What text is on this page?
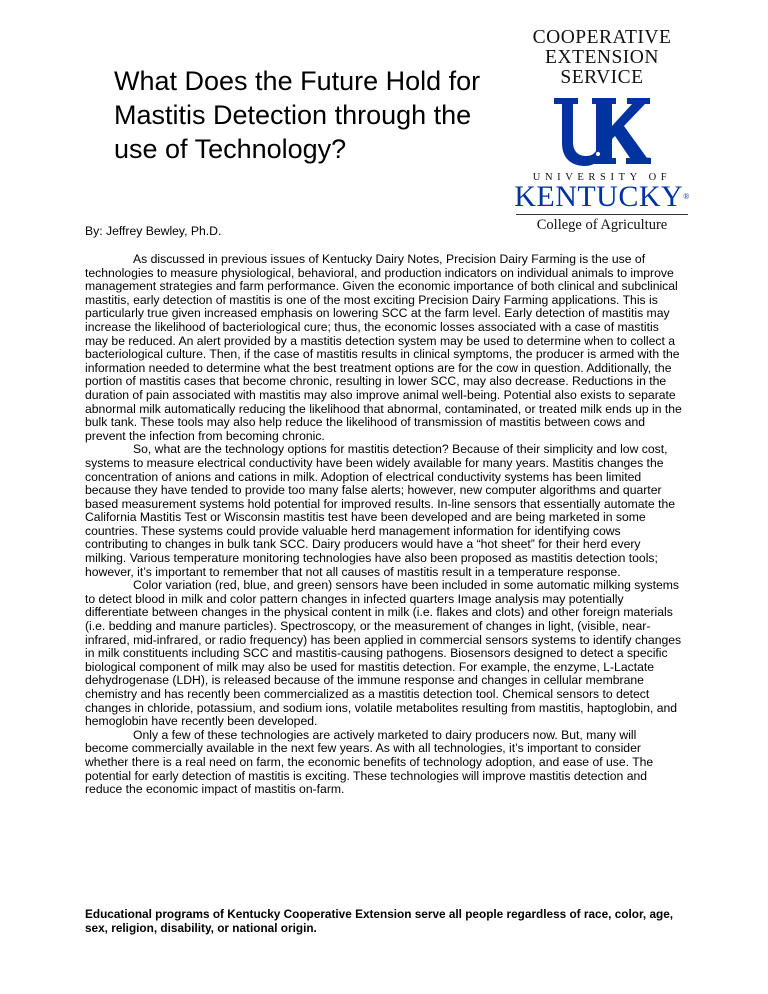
What Does the Future Hold for Mastitis Detection through the use of Technology?
COOPERATIVE
EXTENSION
SERVICE
®
UNIVERSITY OF
KENTUCKY®
College of Agriculture
By: Jeffrey Bewley, Ph.D.

As discussed in previous issues of Kentucky Dairy Notes, Precision Dairy Farming is the use of technologies to measure physiological, behavioral, and production indicators on individual animals to improve management strategies and farm performance. Given the economic importance of both clinical and subclinical mastitis, early detection of mastitis is one of the most exciting Precision Dairy Farming applications. This is particularly true given increased emphasis on lowering SCC at the farm level. Early detection of mastitis may increase the likelihood of bacteriological cure; thus, the economic losses associated with a case of mastitis may be reduced. An alert provided by a mastitis detection system may be used to determine when to collect a bacteriological culture. Then, if the case of mastitis results in clinical symptoms, the producer is armed with the information needed to determine what the best treatment options are for the cow in question. Additionally, the portion of mastitis cases that become chronic, resulting in lower SCC, may also decrease. Reductions in the duration of pain associated with mastitis may also improve animal well-being. Potential also exists to separate abnormal milk automatically reducing the likelihood that abnormal, contaminated, or treated milk ends up in the bulk tank. These tools may also help reduce the likelihood of transmission of mastitis between cows and prevent the infection from becoming chronic.

So, what are the technology options for mastitis detection? Because of their simplicity and low cost, systems to measure electrical conductivity have been widely available for many years. Mastitis changes the concentration of anions and cations in milk. Adoption of electrical conductivity systems has been limited because they have tended to provide too many false alerts; however, new computer algorithms and quarter based measurement systems hold potential for improved results. In-line sensors that essentially automate the California Mastitis Test or Wisconsin mastitis test have been developed and are being marketed in some countries. These systems could provide valuable herd management information for identifying cows contributing to changes in bulk tank SCC. Dairy producers would have a “hot sheet” for their herd every milking. Various temperature monitoring technologies have also been proposed as mastitis detection tools; however, it’s important to remember that not all causes of mastitis result in a temperature response.

Color variation (red, blue, and green) sensors have been included in some automatic milking systems to detect blood in milk and color pattern changes in infected quarters Image analysis may potentially differentiate between changes in the physical content in milk (i.e. flakes and clots) and other foreign materials (i.e. bedding and manure particles). Spectroscopy, or the measurement of changes in light, (visible, near-infrared, mid-infrared, or radio frequency) has been applied in commercial sensors systems to identify changes in milk constituents including SCC and mastitis-causing pathogens. Biosensors designed to detect a specific biological component of milk may also be used for mastitis detection. For example, the enzyme, L-Lactate dehydrogenase (LDH), is released because of the immune response and changes in cellular membrane chemistry and has recently been commercialized as a mastitis detection tool. Chemical sensors to detect changes in chloride, potassium, and sodium ions, volatile metabolites resulting from mastitis, haptoglobin, and hemoglobin have recently been developed.

Only a few of these technologies are actively marketed to dairy producers now. But, many will become commercially available in the next few years. As with all technologies, it’s important to consider whether there is a real need on farm, the economic benefits of technology adoption, and ease of use. The potential for early detection of mastitis is exciting. These technologies will improve mastitis detection and reduce the economic impact of mastitis on-farm.

Educational programs of Kentucky Cooperative Extension serve all people regardless of race, color, age, sex, religion, disability, or national origin.
